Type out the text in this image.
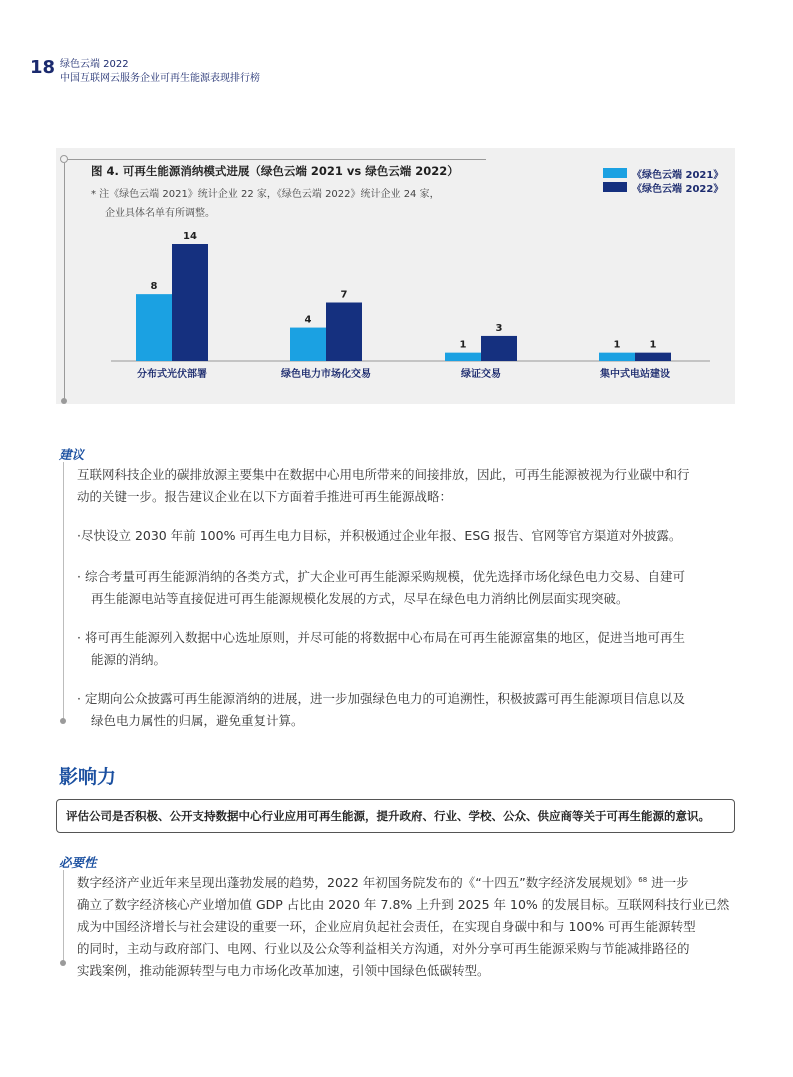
18 绿色云端 2022
中国互联网云服务企业可再生能源表现排行榜
图 4. 可再生能源消纳模式进展（绿色云端 2021 vs 绿色云端 2022）
* 注《绿色云端 2021》统计企业 22 家，《绿色云端 2022》统计企业 24 家，
企业具体名单有所调整。
《绿色云端 2021》
《绿色云端 2022》
8
14
分布式光伏部署
4
7
绿色电力市场化交易
1
3
绿证交易
1	1
集中式电站建设
建议
互联网科技企业的碳排放源主要集中在数据中心用电所带来的间接排放，因此，可再生能源被视为行业碳中和行
动的关键一步。报告建议企业在以下方面着手推进可再生能源战略：
·尽快设立 2030 年前 100% 可再生电力目标，并积极通过企业年报、ESG 报告、官网等官方渠道对外披露。
· 综合考量可再生能源消纳的各类方式，扩大企业可再生能源采购规模，优先选择市场化绿色电力交易、自建可
再生能源电站等直接促进可再生能源规模化发展的方式，尽早在绿色电力消纳比例层面实现突破。
· 将可再生能源列入数据中心选址原则，并尽可能的将数据中心布局在可再生能源富集的地区，促进当地可再生
能源的消纳。
· 定期向公众披露可再生能源消纳的进展，进一步加强绿色电力的可追溯性，积极披露可再生能源项目信息以及
绿色电力属性的归属，避免重复计算。
影响力
评估公司是否积极、公开支持数据中心行业应用可再生能源，提升政府、行业、学校、公众、供应商等关于可再生能源的意识。
必要性
数字经济产业近年来呈现出蓬勃发展的趋势，2022 年初国务院发布的《“十四五”数字经济发展规划》$^{68}$ 进一步
确立了数字经济核心产业增加值 GDP 占比由 2020 年 7.8% 上升到 2025 年 10% 的发展目标。互联网科技行业已然
成为中国经济增长与社会建设的重要一环，企业应肩负起社会责任，在实现自身碳中和与 100% 可再生能源转型
的同时，主动与政府部门、电网、行业以及公众等利益相关方沟通，对外分享可再生能源采购与节能减排路径的
实践案例，推动能源转型与电力市场化改革加速，引领中国绿色低碳转型。
